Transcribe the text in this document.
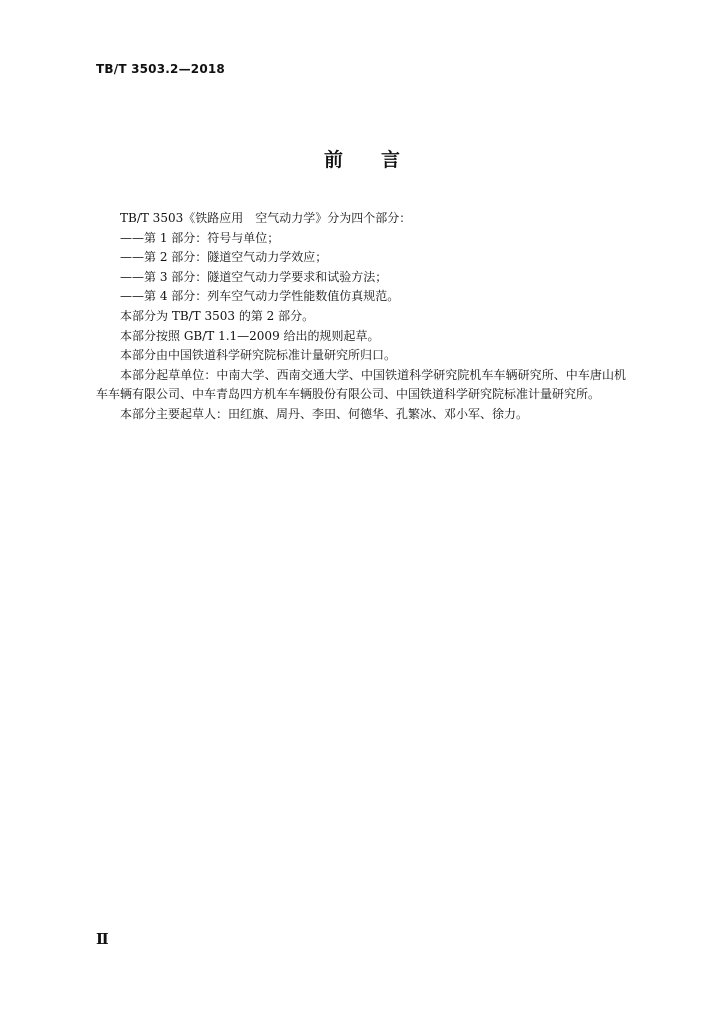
TB/T 3503.2—2018
前 言

TB/T 3503《铁路应用　空气动力学》分为四个部分：

——第 1 部分：符号与单位；

——第 2 部分：隧道空气动力学效应；

——第 3 部分：隧道空气动力学要求和试验方法；

——第 4 部分：列车空气动力学性能数值仿真规范。

本部分为 TB/T 3503 的第 2 部分。

本部分按照 GB/T 1.1—2009 给出的规则起草。

本部分由中国铁道科学研究院标准计量研究所归口。

本部分起草单位：中南大学、西南交通大学、中国铁道科学研究院机车车辆研究所、中车唐山机车车辆有限公司、中车青岛四方机车车辆股份有限公司、中国铁道科学研究院标准计量研究所。

本部分主要起草人：田红旗、周丹、李田、何德华、孔繁冰、邓小军、徐力。

Ⅱ
